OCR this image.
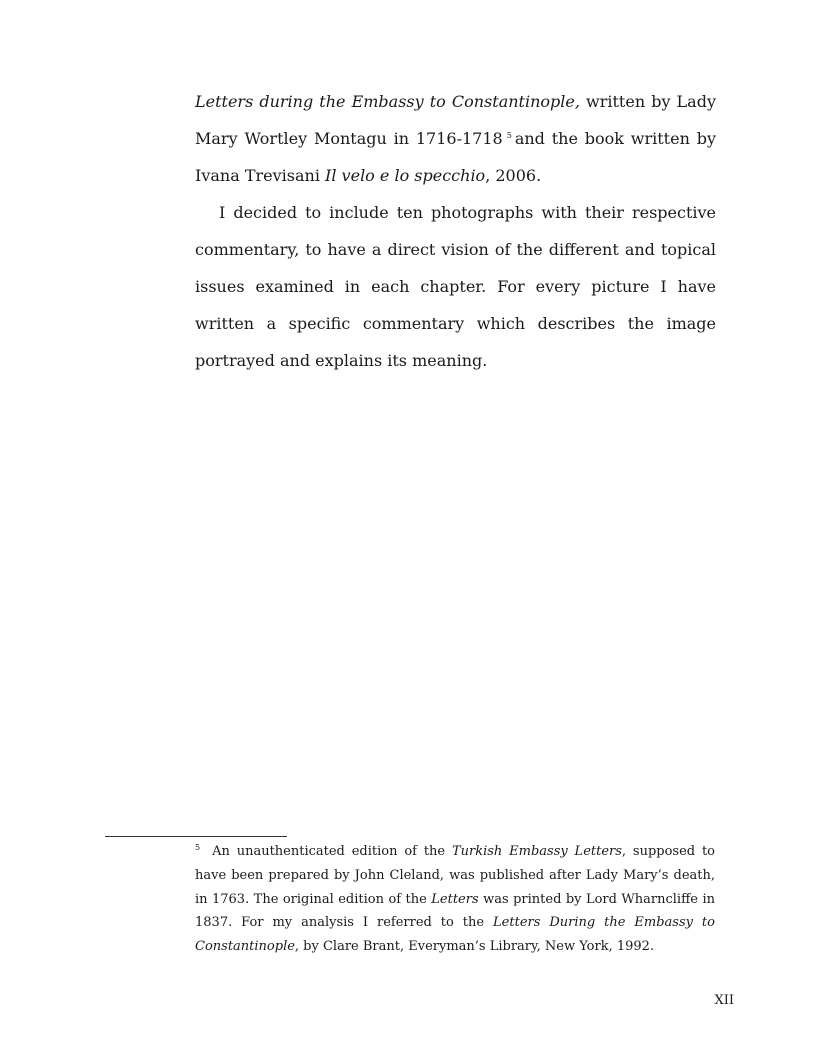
Letters during the Embassy to Constantinople, written by Lady Mary Wortley Montagu in 1716-1718 $^5$ and the book written by Ivana Trevisani Il velo e lo specchio, 2006.

I decided to include ten photographs with their respective commentary, to have a direct vision of the different and topical issues examined in each chapter. For every picture I have written a specific commentary which describes the image portrayed and explains its meaning.

$^5$ An unauthenticated edition of the Turkish Embassy Letters, supposed to have been prepared by John Cleland, was published after Lady Mary’s death, in 1763. The original edition of the Letters was printed by Lord Wharncliffe in 1837. For my analysis I referred to the Letters During the Embassy to Constantinople, by Clare Brant, Everyman’s Library, New York, 1992.

XII
